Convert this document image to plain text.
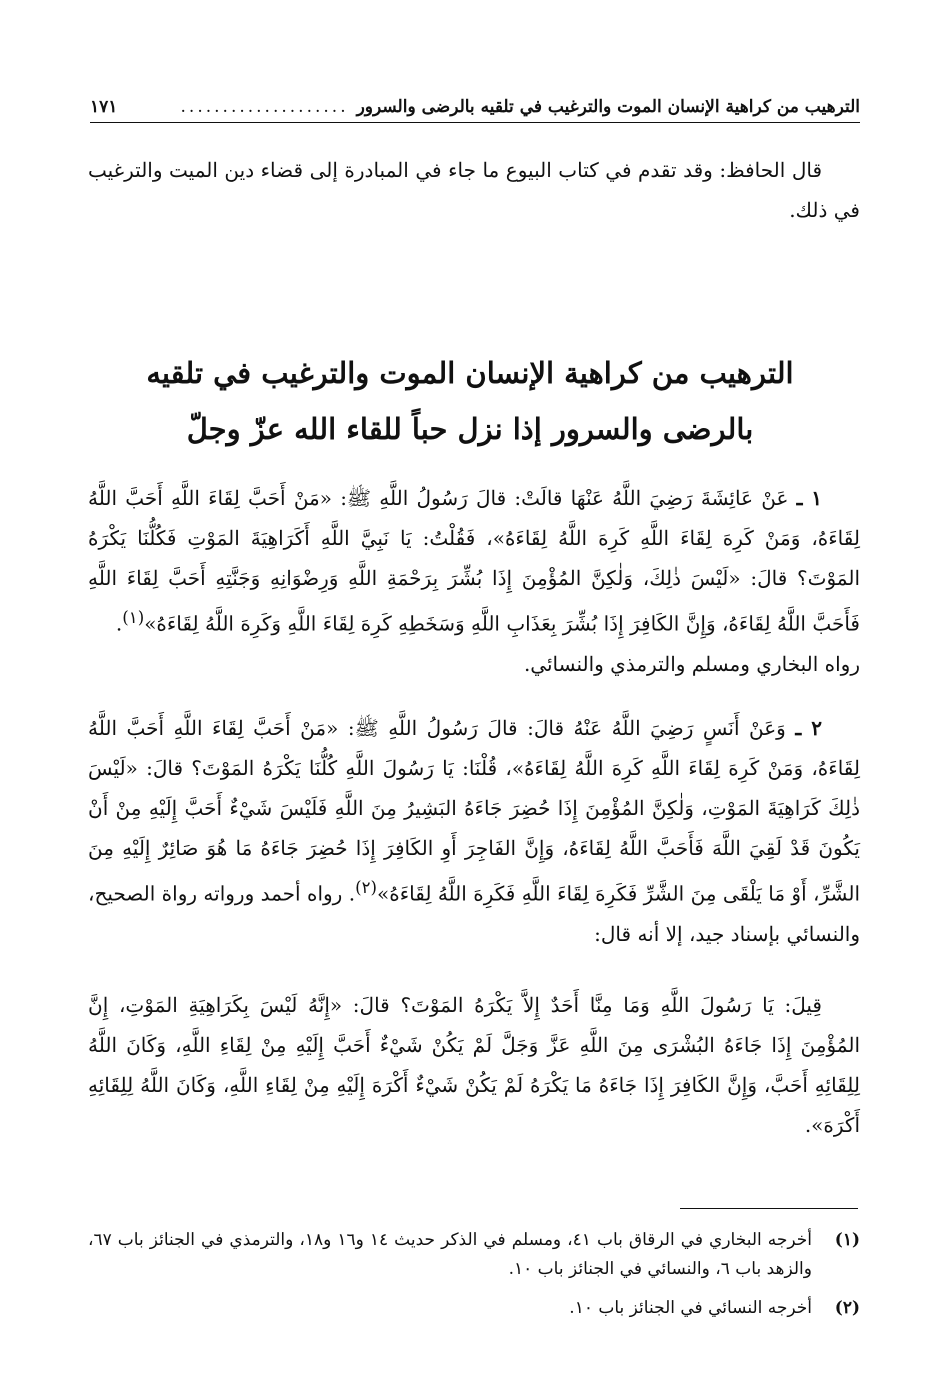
الترهيب من كراهية الإنسان الموت والترغيب في تلقيه بالرضى والسرور
....................
١٧١
قال الحافظ: وقد تقدم في كتاب البيوع ما جاء في المبادرة إلى قضاء دين الميت والترغيب في ذلك.
الترهيب من كراهية الإنسان الموت والترغيب في تلقيه
بالرضى والسرور إذا نزل حباً للقاء الله عزّ وجلّ
١ ـ عَنْ عَائِشَةَ رَضِيَ اللَّهُ عَنْهَا قالَتْ: قالَ رَسُولُ اللَّهِ ﷺ: «مَنْ أَحَبَّ لِقَاءَ اللَّهِ أَحَبَّ اللَّهُ لِقَاءَهُ، وَمَنْ كَرِهَ لِقَاءَ اللَّهِ كَرِهَ اللَّهُ لِقَاءَهُ»، فَقُلْتُ: يَا نَبِيَّ اللَّهِ أَكَرَاهِيَةَ المَوْتِ فَكُلُّنَا يَكْرَهُ المَوْتَ؟ قالَ: «لَيْسَ ذٰلِكَ، وَلٰكِنَّ المُؤْمِنَ إِذَا بُشِّرَ بِرَحْمَةِ اللَّهِ وَرِضْوَانِهِ وَجَنَّتِهِ أَحَبَّ لِقَاءَ اللَّهِ فَأَحَبَّ اللَّهُ لِقَاءَهُ، وَإِنَّ الكَافِرَ إِذَا بُشِّرَ بِعَذَابِ اللَّهِ وَسَخَطِهِ كَرِهَ لِقَاءَ اللَّهِ وَكَرِهَ اللَّهُ لِقَاءَهُ»$^{(١)}$.
رواه البخاري ومسلم والترمذي والنسائي.
٢ ـ وَعَنْ أَنَسٍ رَضِيَ اللَّهُ عَنْهُ قالَ: قالَ رَسُولُ اللَّهِ ﷺ: «مَنْ أَحَبَّ لِقَاءَ اللَّهِ أَحَبَّ اللَّهُ لِقَاءَهُ، وَمَنْ كَرِهَ لِقَاءَ اللَّهِ كَرِهَ اللَّهُ لِقَاءَهُ»، قُلْنَا: يَا رَسُولَ اللَّهِ كُلُّنَا يَكْرَهُ المَوْتَ؟ قالَ: «لَيْسَ ذٰلِكَ كَرَاهِيَةَ المَوْتِ، وَلٰكِنَّ المُؤْمِنَ إِذَا حُضِرَ جَاءَهُ البَشِيرُ مِنَ اللَّهِ فَلَيْسَ شَيْءٌ أَحَبَّ إِلَيْهِ مِنْ أَنْ يَكُونَ قَدْ لَقِيَ اللَّهَ فَأَحَبَّ اللَّهُ لِقَاءَهُ، وَإِنَّ الفَاجِرَ أَوِ الكَافِرَ إِذَا حُضِرَ جَاءَهُ مَا هُوَ صَائِرٌ إِلَيْهِ مِنَ الشَّرِّ، أَوْ مَا يَلْقَى مِنَ الشَّرِّ فَكَرِهَ لِقَاءَ اللَّهِ فَكَرِهَ اللَّهُ لِقَاءَهُ»$^{(٢)}$. رواه أحمد ورواته رواة الصحيح، والنسائي بإسناد جيد، إلا أنه قال:
قِيلَ: يَا رَسُولَ اللَّهِ وَمَا مِنَّا أَحَدٌ إِلاَّ يَكْرَهُ المَوْتَ؟ قالَ: «إِنَّهُ لَيْسَ بِكَرَاهِيَةِ المَوْتِ، إِنَّ المُؤْمِنَ إِذَا جَاءَهُ البُشْرَى مِنَ اللَّهِ عَزَّ وَجَلَّ لَمْ يَكُنْ شَيْءٌ أَحَبَّ إِلَيْهِ مِنْ لِقَاءِ اللَّهِ، وَكَانَ اللَّهُ لِلِقَائِهِ أَحَبَّ، وَإِنَّ الكَافِرَ إِذَا جَاءَهُ مَا يَكْرَهُ لَمْ يَكُنْ شَيْءٌ أَكْرَهَ إِلَيْهِ مِنْ لِقَاءِ اللَّهِ، وَكَانَ اللَّهُ لِلِقَائِهِ أَكْرَهَ».
(١)
أخرجه البخاري في الرقاق باب ٤١، ومسلم في الذكر حديث ١٤ و١٦ و١٨، والترمذي في الجنائز باب ٦٧، والزهد باب ٦، والنسائي في الجنائز باب ١٠.
(٢)
أخرجه النسائي في الجنائز باب ١٠.
